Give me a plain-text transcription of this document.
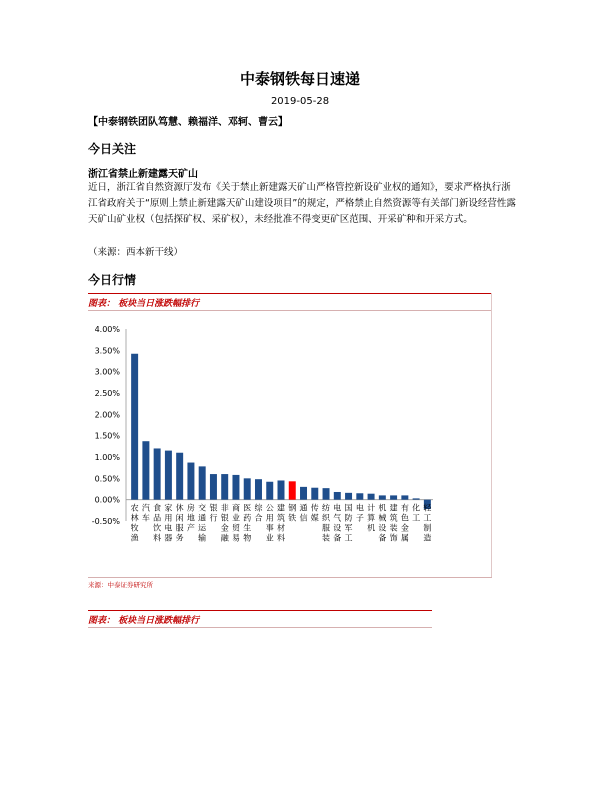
中泰钢铁每日速递
2019-05-28
【中泰钢铁团队笃慧、赖福洋、邓轲、曹云】
今日关注
浙江省禁止新建露天矿山
近日，浙江省自然资源厅发布《关于禁止新建露天矿山严格管控新设矿业权的通知》，要求严格执行浙江省政府关于“原则上禁止新建露天矿山建设项目”的规定，严格禁止自然资源等有关部门新设经营性露天矿山矿业权（包括探矿权、采矿权），未经批准不得变更矿区范围、开采矿种和开采方式。
（来源：西本新干线）
今日行情
图表： 板块当日涨跌幅排行
4.00%
3.50%
3.00%
2.50%
2.00%
1.50%
1.00%
0.50%
0.00%
-0.50%
农林牧渔
汽车
食品饮料
家用电器
休闲服务
房地产
交通运输
银行
非银金融
商业贸易
医药生物
综合
公用事业
建筑材料
钢铁
通信
传媒
纺织服装
电气设备
国防军工
电子
计算机
机械设备
建筑装饰
有色金属
化工
轻工制造
来源：中泰证券研究所
图表： 板块当日涨跌幅排行
